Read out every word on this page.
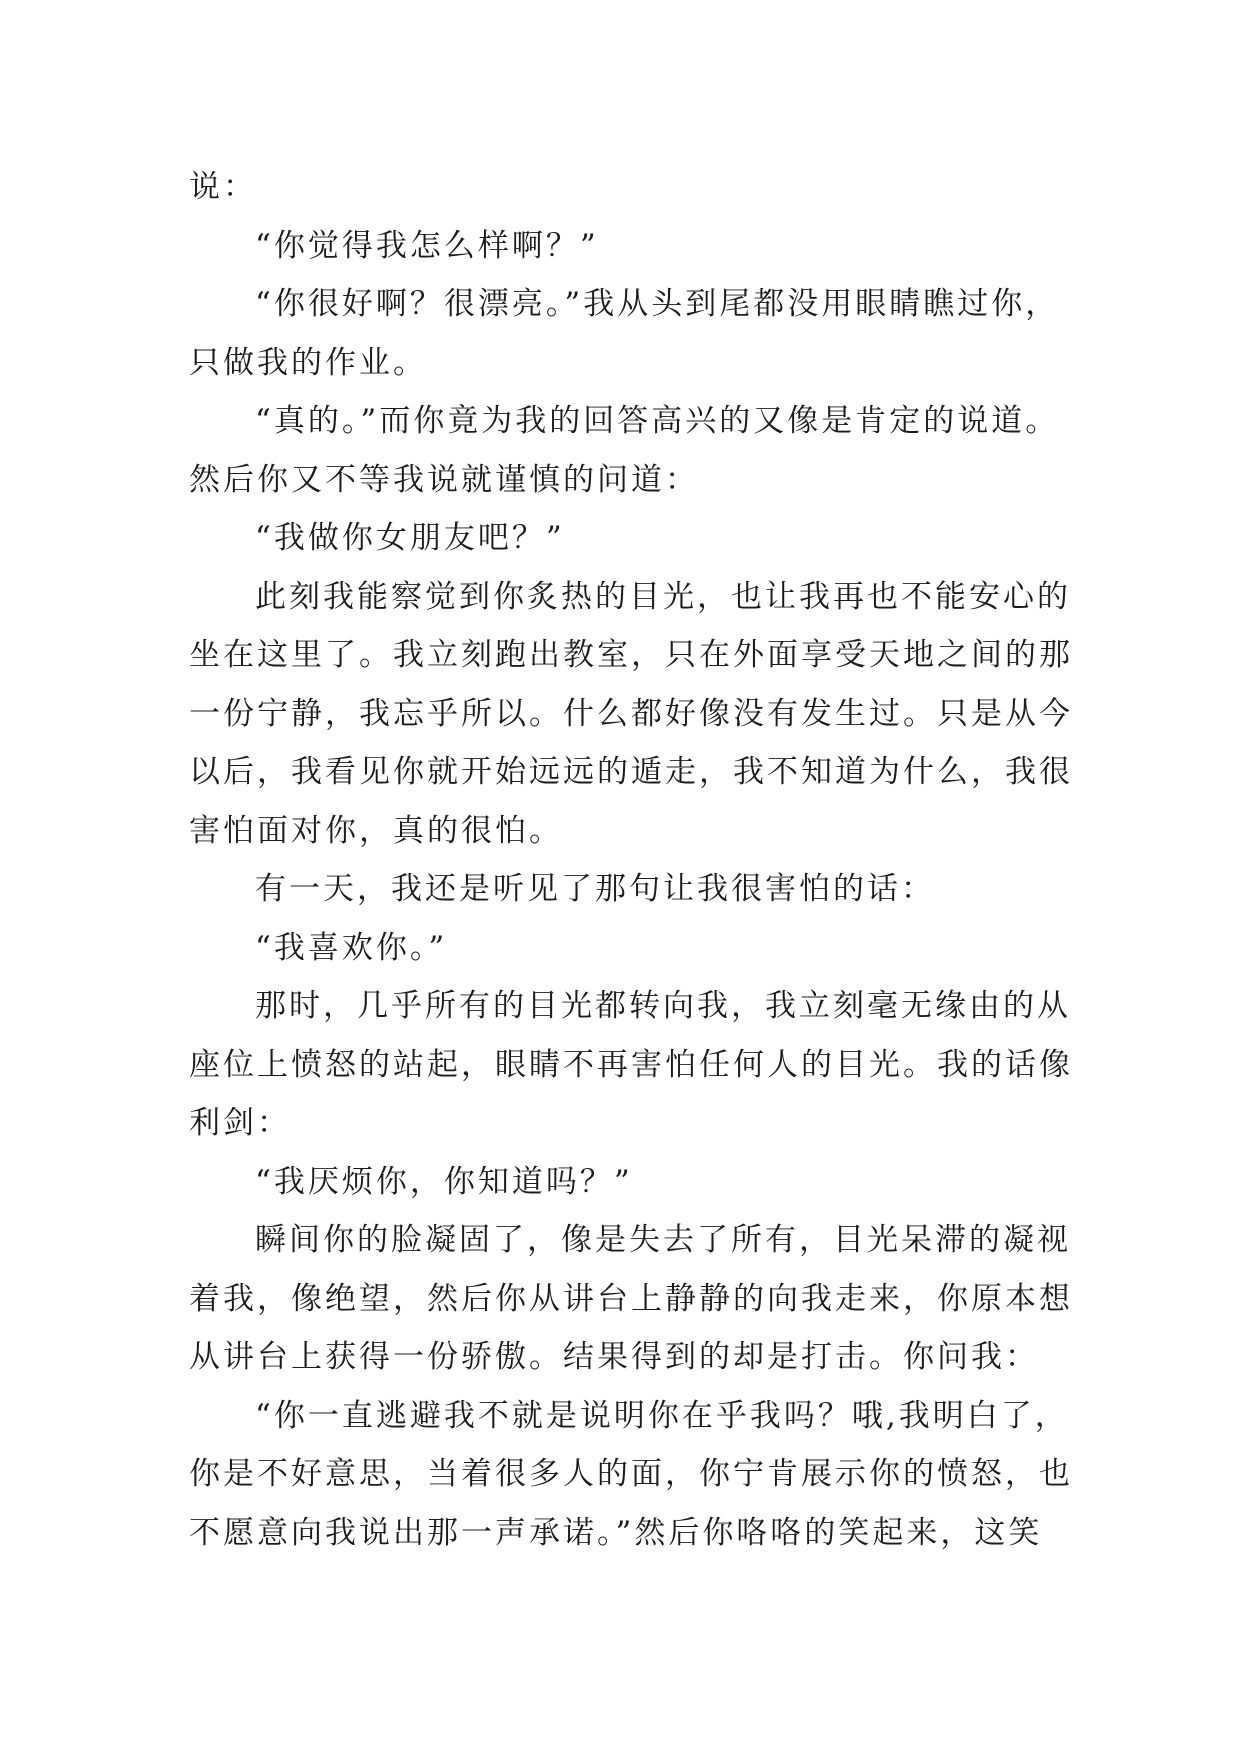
说：

“你觉得我怎么样啊？”

“你很好啊？很漂亮。”我从头到尾都没用眼睛瞧过你，

只做我的作业。

“真的。”而你竟为我的回答高兴的又像是肯定的说道。

然后你又不等我说就谨慎的问道：

“我做你女朋友吧？”

此刻我能察觉到你炙热的目光，也让我再也不能安心的

坐在这里了。我立刻跑出教室，只在外面享受天地之间的那

一份宁静，我忘乎所以。什么都好像没有发生过。只是从今

以后，我看见你就开始远远的遁走，我不知道为什么，我很

害怕面对你，真的很怕。

有一天，我还是听见了那句让我很害怕的话：

“我喜欢你。”

那时，几乎所有的目光都转向我，我立刻毫无缘由的从

座位上愤怒的站起，眼睛不再害怕任何人的目光。我的话像

利剑：

“我厌烦你，你知道吗？”

瞬间你的脸凝固了，像是失去了所有，目光呆滞的凝视

着我，像绝望，然后你从讲台上静静的向我走来，你原本想

从讲台上获得一份骄傲。结果得到的却是打击。你问我：

“你一直逃避我不就是说明你在乎我吗？哦,我明白了，

你是不好意思，当着很多人的面，你宁肯展示你的愤怒，也

不愿意向我说出那一声承诺。”然后你咯咯的笑起来，这笑
